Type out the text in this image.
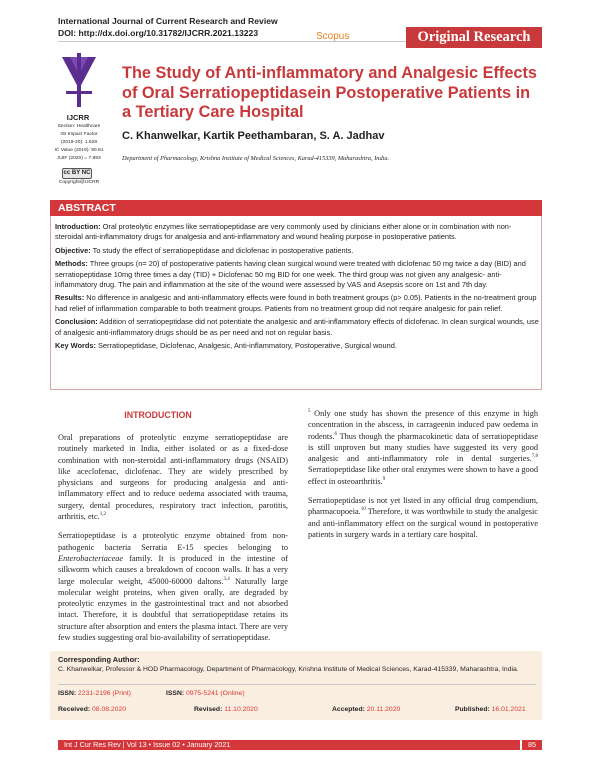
International Journal of Current Research and Review
DOI: http://dx.doi.org/10.31782/IJCRR.2021.13223	Scopus	Original Research
IJCRR
Section: Healthcare
ISI Impact Factor
(2019-20): 1.628
IC Value (2019): 90.81
SJIF (2020) = 7.893
cc BY NC
Copyright@IJCRR
The Study of Anti-inflammatory and Analgesic Effects of Oral Serratiopeptidasein Postoperative Patients in a Tertiary Care Hospital
C. Khanwelkar, Kartik Peethambaran, S. A. Jadhav
Department of Pharmacology, Krishna Institute of Medical Sciences, Karad-415339, Maharashtra, India.
ABSTRACT

Introduction: Oral proteolytic enzymes like serratiopeptidase are very commonly used by clinicians either alone or in combination with non-steroidal anti-inflammatory drugs for analgesia and anti-inflammatory and wound healing purpose in postoperative patients.

Objective: To study the effect of serratiopeptidase and diclofenac in postoperative patients.

Methods: Three groups (n= 20) of postoperative patients having clean surgical wound were treated with diclofenac 50 mg twice a day (BID) and serratiopeptidase 10mg three times a day (TID) + Diclofenac 50 mg BID for one week. The third group was not given any analgesic- anti-inflammatory drug. The pain and inflammation at the site of the wound were assessed by VAS and Asepsis score on 1st and 7th day.

Results: No difference in analgesic and anti-inflammatory effects were found in both treatment groups (p> 0.05). Patients in the no-treatment group had relief of inflammation comparable to both treatment groups. Patients from no treatment group did not require analgesic for pain relief.

Conclusion: Addition of serratiopeptidase did not potentiate the analgesic and anti-inflammatory effects of diclofenac. In clean surgical wounds, use of analgesic anti-inflammatory drugs should be as per need and not on regular basis.

Key Words: Serratiopeptidase, Diclofenac, Analgesic, Anti-inflammatory, Postoperative, Surgical wound.

INTRODUCTION

Oral preparations of proteolytic enzyme serratiopeptidase are routinely marketed in India, either isolated or as a fixed-dose combination with non-steroidal anti-inflammatory drugs (NSAID) like aceclofenac, diclofenac. They are widely prescribed by physicians and surgeons for producing analgesia and anti-inflammatory effect and to reduce oedema associated with trauma, surgery, dental procedures, respiratory tract infection, parotitis, arthritis, etc.$^{1,2}$

Serratiopeptidase is a proteolytic enzyme obtained from non-pathogenic bacteria Serratia E-15 species belonging to Enterobacteriaceae family. It is produced in the intestine of silkworm which causes a breakdown of cocoon walls. It has a very large molecular weight, 45000-60000 daltons.$^{3,4}$ Naturally large molecular weight proteins, when given orally, are degraded by proteolytic enzymes in the gastrointestinal tract and not absorbed intact. Therefore, it is doubtful that serratiopeptidase retains its structure after absorption and enters the plasma intact. There are very few studies suggesting oral bio-availability of serratiopeptidase.

$^5$ Only one study has shown the presence of this enzyme in high concentration in the abscess, in carrageenin induced paw oedema in rodents.$^6$ Thus though the pharmacokinetic data of serratiopeptidase is still unproven but many studies have suggested its very good analgesic and anti-inflammatory role in dental surgeries.$^{7,8}$ Serratiopeptidase like other oral enzymes were shown to have a good effect in osteoarthritis.$^9$

Serratiopeptidase is not yet listed in any official drug compendium, pharmacopoeia.$^{10}$ Therefore, it was worthwhile to study the analgesic and anti-inflammatory effect on the surgical wound in postoperative patients in surgery wards in a tertiary care hospital.

Corresponding Author:
C. Khanwelkar, Professor & HOD Pharmacology, Department of Pharmacology, Krishna Institute of Medical Sciences, Karad-415339, Maharashtra, India.
ISSN: 2231-2196 (Print)	ISSN: 0975-5241 (Online)
Received: 08.08.2020	Revised: 11.10.2020	Accepted: 20.11.2020	Published: 16.01.2021
Int J Cur Res Rev | Vol 13 • Issue 02 • January 2021	85
